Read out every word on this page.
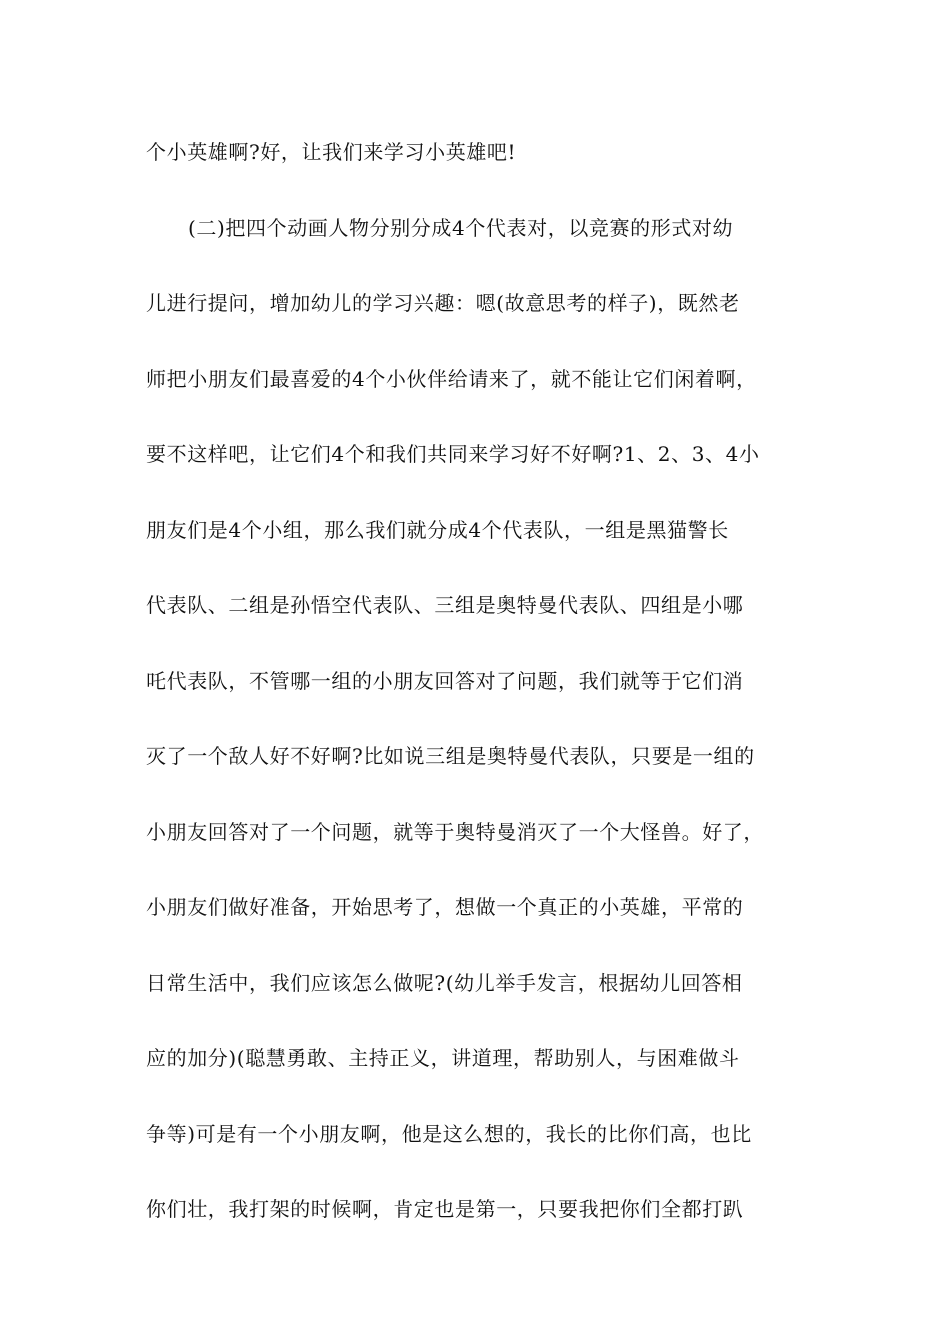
个小英雄啊?好，让我们来学习小英雄吧!
(二)把四个动画人物分别分成4个代表对，以竞赛的形式对幼
儿进行提问，增加幼儿的学习兴趣：嗯(故意思考的样子)，既然老
师把小朋友们最喜爱的4个小伙伴给请来了，就不能让它们闲着啊，
要不这样吧，让它们4个和我们共同来学习好不好啊?1、2、3、4小
朋友们是4个小组，那么我们就分成4个代表队，一组是黑猫警长
代表队、二组是孙悟空代表队、三组是奥特曼代表队、四组是小哪
吒代表队，不管哪一组的小朋友回答对了问题，我们就等于它们消
灭了一个敌人好不好啊?比如说三组是奥特曼代表队，只要是一组的
小朋友回答对了一个问题，就等于奥特曼消灭了一个大怪兽。好了，
小朋友们做好准备，开始思考了，想做一个真正的小英雄，平常的
日常生活中，我们应该怎么做呢?(幼儿举手发言，根据幼儿回答相
应的加分)(聪慧勇敢、主持正义，讲道理，帮助别人，与困难做斗
争等)可是有一个小朋友啊，他是这么想的，我长的比你们高，也比
你们壮，我打架的时候啊，肯定也是第一，只要我把你们全都打趴
